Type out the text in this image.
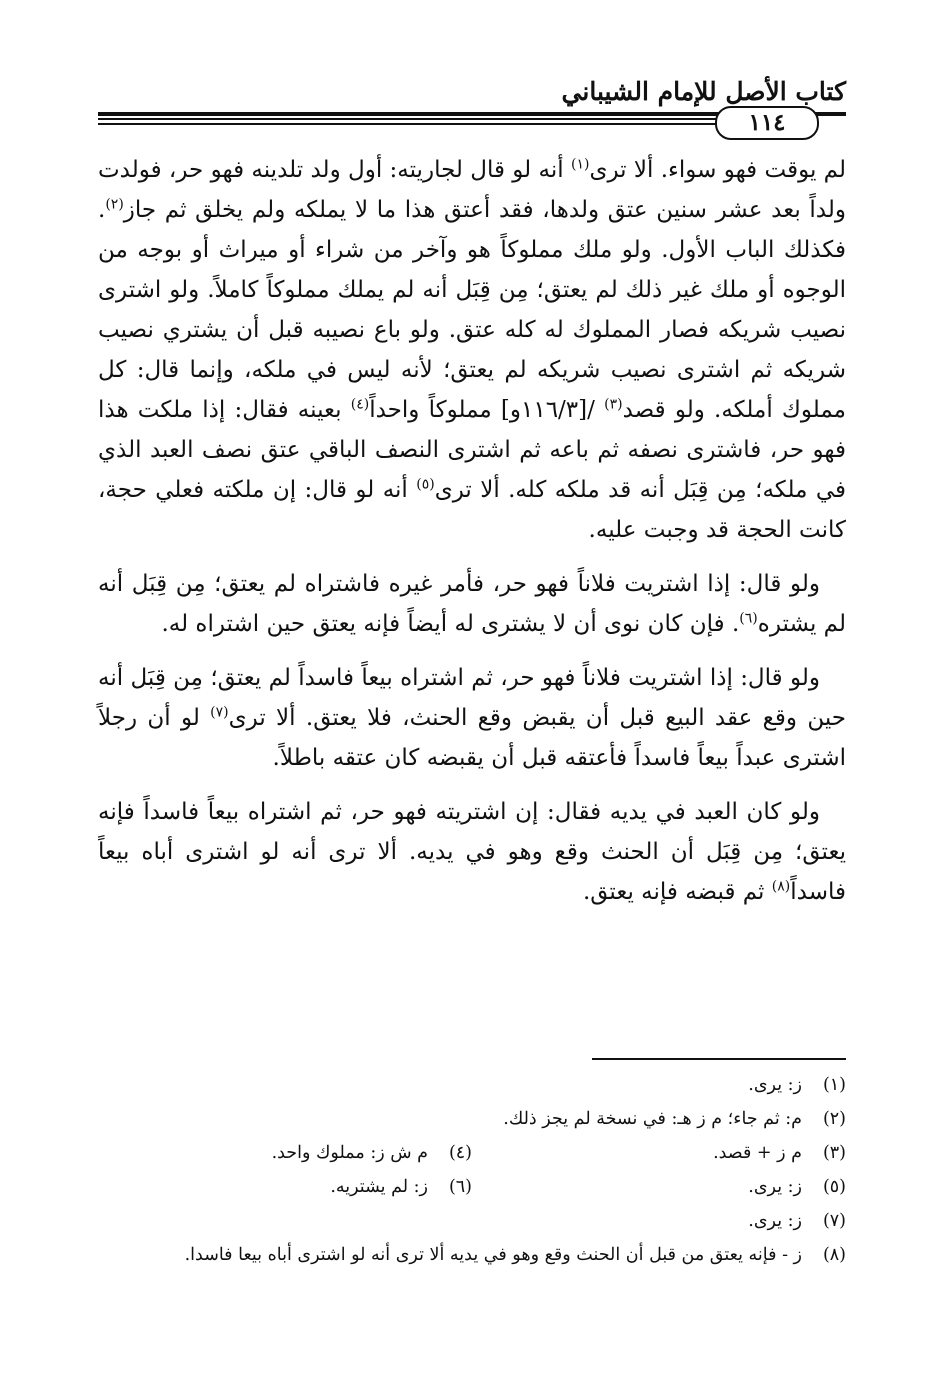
كتاب الأصل للإمام الشيباني
١١٤

لم يوقت فهو سواء. ألا ترى$^{(١)}$ أنه لو قال لجاريته: أول ولد تلدينه فهو حر، فولدت ولداً بعد عشر سنين عتق ولدها، فقد أعتق هذا ما لا يملكه ولم يخلق ثم جاز$^{(٢)}$. فكذلك الباب الأول. ولو ملك مملوكاً هو وآخر من شراء أو ميراث أو بوجه من الوجوه أو ملك غير ذلك لم يعتق؛ مِن قِبَل أنه لم يملك مملوكاً كاملاً. ولو اشترى نصيب شريكه فصار المملوك له كله عتق. ولو باع نصيبه قبل أن يشتري نصيب شريكه ثم اشترى نصيب شريكه لم يعتق؛ لأنه ليس في ملكه، وإنما قال: كل مملوك أملكه. ولو قصد$^{(٣)}$ /[١١٦/٣و] مملوكاً واحداً$^{(٤)}$ بعينه فقال: إذا ملكت هذا فهو حر، فاشترى نصفه ثم باعه ثم اشترى النصف الباقي عتق نصف العبد الذي في ملكه؛ مِن قِبَل أنه قد ملكه كله. ألا ترى$^{(٥)}$ أنه لو قال: إن ملكته فعلي حجة، كانت الحجة قد وجبت عليه.

ولو قال: إذا اشتريت فلاناً فهو حر، فأمر غيره فاشتراه لم يعتق؛ مِن قِبَل أنه لم يشتره$^{(٦)}$. فإن كان نوى أن لا يشترى له أيضاً فإنه يعتق حين اشتراه له.

ولو قال: إذا اشتريت فلاناً فهو حر، ثم اشتراه بيعاً فاسداً لم يعتق؛ مِن قِبَل أنه حين وقع عقد البيع قبل أن يقبض وقع الحنث، فلا يعتق. ألا ترى$^{(٧)}$ لو أن رجلاً اشترى عبداً بيعاً فاسداً فأعتقه قبل أن يقبضه كان عتقه باطلاً.

ولو كان العبد في يديه فقال: إن اشتريته فهو حر، ثم اشتراه بيعاً فاسداً فإنه يعتق؛ مِن قِبَل أن الحنث وقع وهو في يديه. ألا ترى أنه لو اشترى أباه بيعاً فاسداً$^{(٨)}$ ثم قبضه فإنه يعتق.

(١)
ز: يرى.
(٢)
م: ثم جاء؛ م ز هـ: في نسخة لم يجز ذلك.
(٣)
م ز + قصد.
(٤)
م ش ز: مملوك واحد.
(٥)
ز: يرى.
(٦)
ز: لم يشتريه.
(٧)
ز: يرى.
(٨)
ز - فإنه يعتق من قبل أن الحنث وقع وهو في يديه ألا ترى أنه لو اشترى أباه بيعا فاسدا.
